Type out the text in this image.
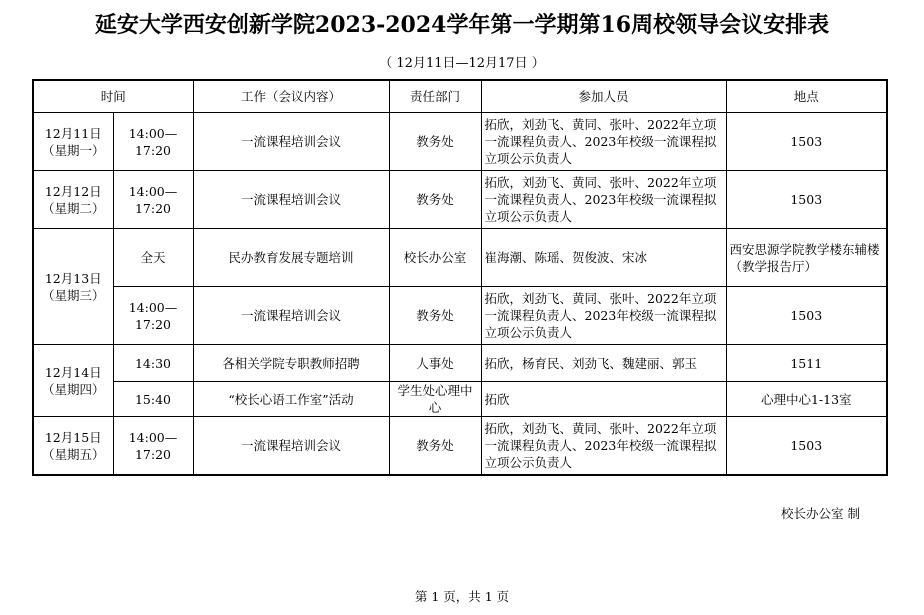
延安大学西安创新学院2023-2024学年第一学期第16周校领导会议安排表
（ 12月11日—12月17日 ）
时间		工作（会议内容）	责任部门	参加人员	地点

12月11日
（星期一）	14:00—17:20	一流课程培训会议	教务处	拓欣，刘劲飞、黄同、张叶、2022年立项一流课程负责人、2023年校级一流课程拟立项公示负责人	1503

12月12日
（星期二）	14:00—17:20	一流课程培训会议	教务处	拓欣，刘劲飞、黄同、张叶、2022年立项一流课程负责人、2023年校级一流课程拟立项公示负责人	1503

12月13日
（星期三）	全天	民办教育发展专题培训	校长办公室	崔海潮、陈瑶、贺俊波、宋冰	西安思源学院教学楼东辅楼（教学报告厅）
	14:00—17:20	一流课程培训会议	教务处	拓欣，刘劲飞、黄同、张叶、2022年立项一流课程负责人、2023年校级一流课程拟立项公示负责人	1503

12月14日
（星期四）	14:30	各相关学院专职教师招聘	人事处	拓欣，杨育民、刘劲飞、魏建丽、郭玉	1511
	15:40	“校长心语工作室”活动	学生处心理中心	拓欣	心理中心1-13室

12月15日
（星期五）	14:00—17:20	一流课程培训会议	教务处	拓欣，刘劲飞、黄同、张叶、2022年立项一流课程负责人、2023年校级一流课程拟立项公示负责人	1503
校长办公室 制
第 1 页，共 1 页
